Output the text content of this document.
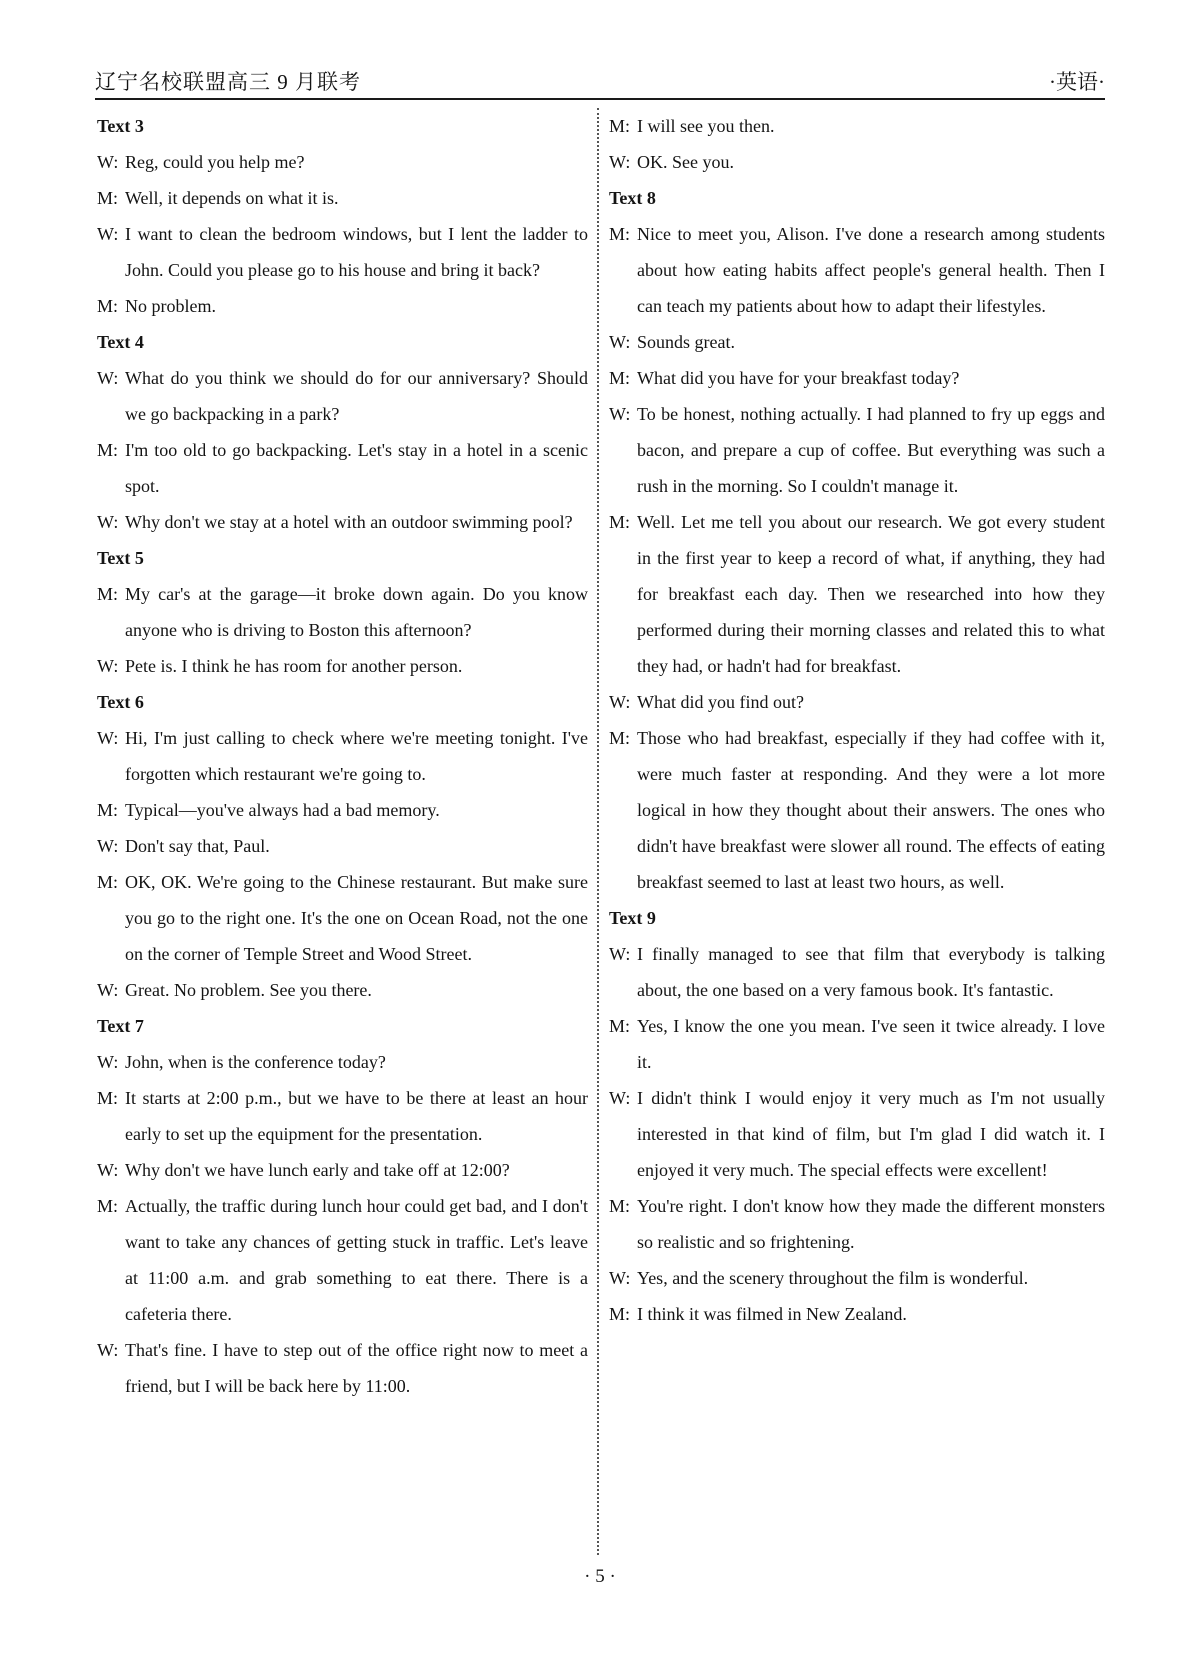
辽宁名校联盟高三 9 月联考	·英语·
Text 3
W: Reg, could you help me?
M: Well, it depends on what it is.
W: I want to clean the bedroom windows, but I lent the ladder to John. Could you please go to his house and bring it back?
M: No problem.
Text 4
W: What do you think we should do for our anniversary? Should we go backpacking in a park?
M: I'm too old to go backpacking. Let's stay in a hotel in a scenic spot.
W: Why don't we stay at a hotel with an outdoor swimming pool?
Text 5
M: My car's at the garage—it broke down again. Do you know anyone who is driving to Boston this afternoon?
W: Pete is. I think he has room for another person.
Text 6
W: Hi, I'm just calling to check where we're meeting tonight. I've forgotten which restaurant we're going to.
M: Typical—you've always had a bad memory.
W: Don't say that, Paul.
M: OK, OK. We're going to the Chinese restaurant. But make sure you go to the right one. It's the one on Ocean Road, not the one on the corner of Temple Street and Wood Street.
W: Great. No problem. See you there.
Text 7
W: John, when is the conference today?
M: It starts at 2:00 p.m., but we have to be there at least an hour early to set up the equipment for the presentation.
W: Why don't we have lunch early and take off at 12:00?
M: Actually, the traffic during lunch hour could get bad, and I don't want to take any chances of getting stuck in traffic. Let's leave at 11:00 a.m. and grab something to eat there. There is a cafeteria there.
W: That's fine. I have to step out of the office right now to meet a friend, but I will be back here by 11:00.
M: I will see you then.
W: OK. See you.
Text 8
M: Nice to meet you, Alison. I've done a research among students about how eating habits affect people's general health. Then I can teach my patients about how to adapt their lifestyles.
W: Sounds great.
M: What did you have for your breakfast today?
W: To be honest, nothing actually. I had planned to fry up eggs and bacon, and prepare a cup of coffee. But everything was such a rush in the morning. So I couldn't manage it.
M: Well. Let me tell you about our research. We got every student in the first year to keep a record of what, if anything, they had for breakfast each day. Then we researched into how they performed during their morning classes and related this to what they had, or hadn't had for breakfast.
W: What did you find out?
M: Those who had breakfast, especially if they had coffee with it, were much faster at responding. And they were a lot more logical in how they thought about their answers. The ones who didn't have breakfast were slower all round. The effects of eating breakfast seemed to last at least two hours, as well.
Text 9
W: I finally managed to see that film that everybody is talking about, the one based on a very famous book. It's fantastic.
M: Yes, I know the one you mean. I've seen it twice already. I love it.
W: I didn't think I would enjoy it very much as I'm not usually interested in that kind of film, but I'm glad I did watch it. I enjoyed it very much. The special effects were excellent!
M: You're right. I don't know how they made the different monsters so realistic and so frightening.
W: Yes, and the scenery throughout the film is wonderful.
M: I think it was filmed in New Zealand.
· 5 ·
